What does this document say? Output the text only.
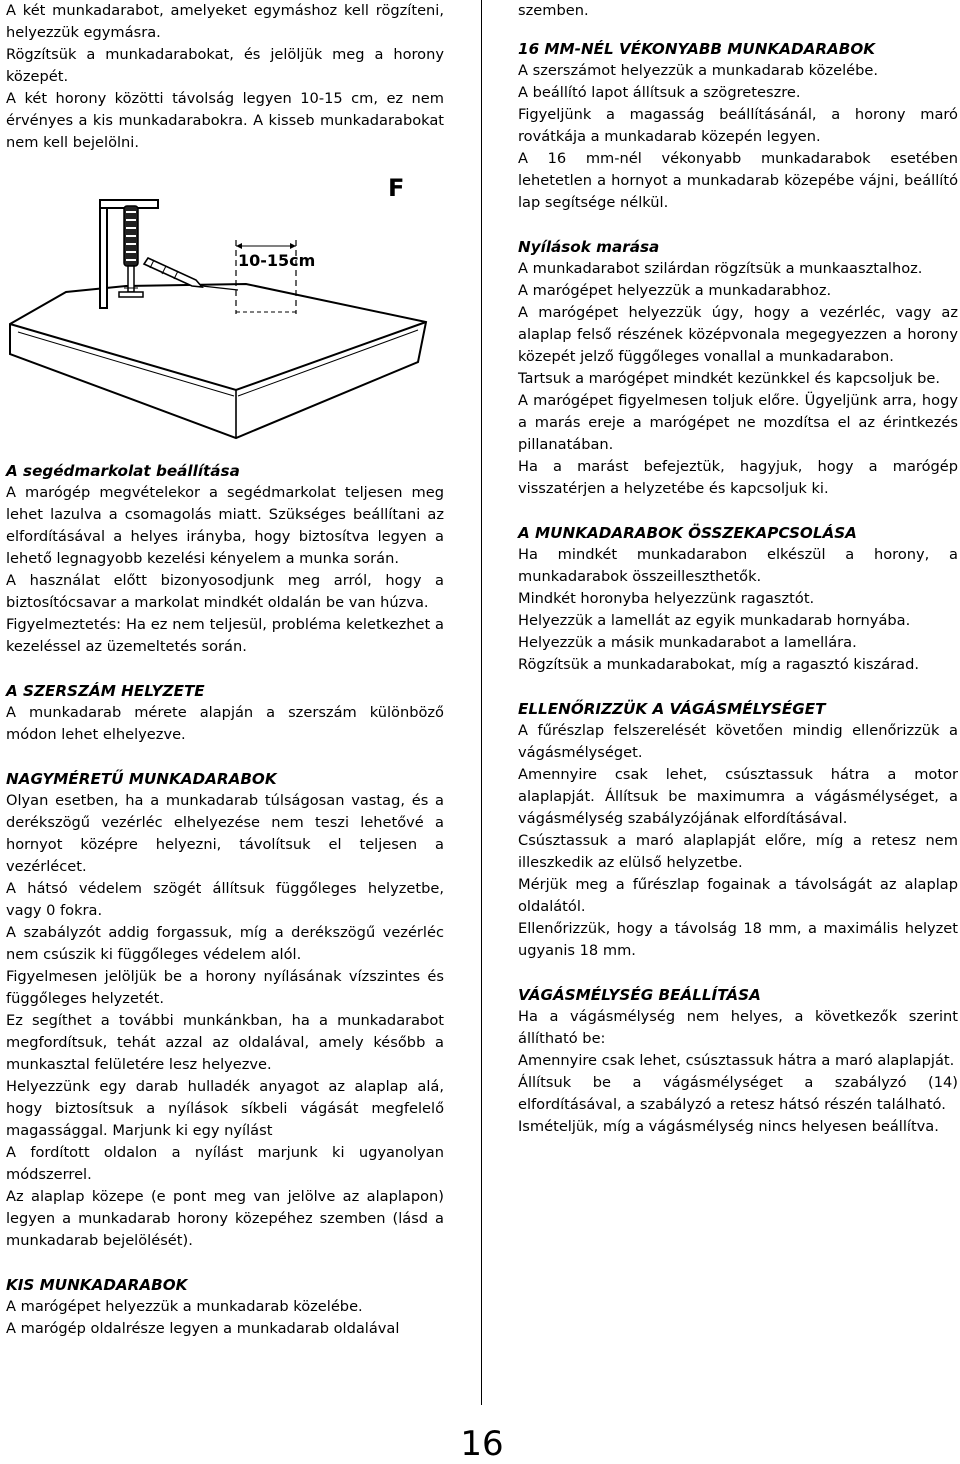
A két munkadarabot, amelyeket egymáshoz kell rögzíteni, helyezzük egymásra.

Rögzítsük a munkadarabokat, és jelöljük meg a horony közepét.

A két horony közötti távolság legyen 10-15 cm, ez nem érvényes a kis munkadarabokra. A kisseb munkadarabokat nem kell bejelölni.

F
10-15cm
A segédmarkolat beállítása

A marógép megvételekor a segédmarkolat teljesen meg lehet lazulva a csomagolás miatt. Szükséges beállítani az elfordításával a helyes irányba, hogy biztosítva legyen a lehető legnagyobb kezelési kényelem a munka során.

A használat előtt bizonyosodjunk meg arról, hogy a biztosítócsavar a markolat mindkét oldalán be van húzva.

Figyelmeztetés: Ha ez nem teljesül, probléma keletkezhet a kezeléssel az üzemeltetés során.

A SZERSZÁM HELYZETE

A munkadarab mérete alapján a szerszám különböző módon lehet elhelyezve.

NAGYMÉRETŰ MUNKADARABOK

Olyan esetben, ha a munkadarab túlságosan vastag, és a derékszögű vezérléc elhelyezése nem teszi lehetővé a hornyot középre helyezni, távolítsuk el teljesen a vezérlécet.

A hátsó védelem szögét állítsuk függőleges helyzetbe, vagy 0 fokra.

A szabályzót addig forgassuk, míg a derékszögű vezérléc nem csúszik ki függőleges védelem alól.

Figyelmesen jelöljük be a horony nyílásának vízszintes és függőleges helyzetét.

Ez segíthet a további munkánkban, ha a munkadarabot megfordítsuk, tehát azzal az oldalával, amely később a munkasztal felületére lesz helyezve.

Helyezzünk egy darab hulladék anyagot az alaplap alá, hogy biztosítsuk a nyílások síkbeli vágását megfelelő magassággal. Marjunk ki egy nyílást

A fordított oldalon a nyílást marjunk ki ugyanolyan módszerrel.

Az alaplap közepe (e pont meg van jelölve az alaplapon) legyen a munkadarab horony közepéhez szemben (lásd a munkadarab bejelölését).

KIS MUNKADARABOK

A marógépet helyezzük a munkadarab közelébe.

A marógép oldalrésze legyen a munkadarab oldalával

szemben.

16 MM-NÉL VÉKONYABB MUNKADARABOK

A szerszámot helyezzük a munkadarab közelébe.

A beállító lapot állítsuk a szögreteszre.

Figyeljünk a magasság beállításánál, a horony maró rovátkája a munkadarab közepén legyen.

A 16 mm-nél vékonyabb munkadarabok esetében lehetetlen a hornyot a munkadarab közepébe vájni, beállító lap segítsége nélkül.

Nyílások marása

A munkadarabot szilárdan rögzítsük a munkaasztalhoz.

A marógépet helyezzük a munkadarabhoz.

A marógépet helyezzük úgy, hogy a vezérléc, vagy az alaplap felső részének középvonala megegyezzen a horony közepét jelző függőleges vonallal a munkadarabon.

Tartsuk a marógépet mindkét kezünkkel és kapcsoljuk be.

A marógépet figyelmesen toljuk előre. Ügyeljünk arra, hogy a marás ereje a marógépet ne mozdítsa el az érintkezés pillanatában.

Ha a marást befejeztük, hagyjuk, hogy a marógép visszatérjen a helyzetébe és kapcsoljuk ki.

A MUNKADARABOK ÖSSZEKAPCSOLÁSA

Ha mindkét munkadarabon elkészül a horony, a munkadarabok összeilleszthetők.

Mindkét horonyba helyezzünk ragasztót.

Helyezzük a lamellát az egyik munkadarab hornyába.

Helyezzük a másik munkadarabot a lamellára.

Rögzítsük a munkadarabokat, míg a ragasztó kiszárad.

ELLENŐRIZZÜK A VÁGÁSMÉLYSÉGET

A fűrészlap felszerelését követően mindig ellenőrizzük a vágásmélységet.

Amennyire csak lehet, csúsztassuk hátra a motor alaplapját. Állítsuk be maximumra a vágásmélységet, a vágásmélység szabályzójának elfordításával.

Csúsztassuk a maró alaplapját előre, míg a retesz nem illeszkedik az elülső helyzetbe.

Mérjük meg a fűrészlap fogainak a távolságát az alaplap oldalától.

Ellenőrizzük, hogy a távolság 18 mm, a maximális helyzet ugyanis 18 mm.

VÁGÁSMÉLYSÉG BEÁLLÍTÁSA

Ha a vágásmélység nem helyes, a következők szerint állítható be:

Amennyire csak lehet, csúsztassuk hátra a maró alaplapját.

Állítsuk be a vágásmélységet a szabályzó (14) elfordításával, a szabályzó a retesz hátsó részén található.

Ismételjük, míg a vágásmélység nincs helyesen beállítva.

16
